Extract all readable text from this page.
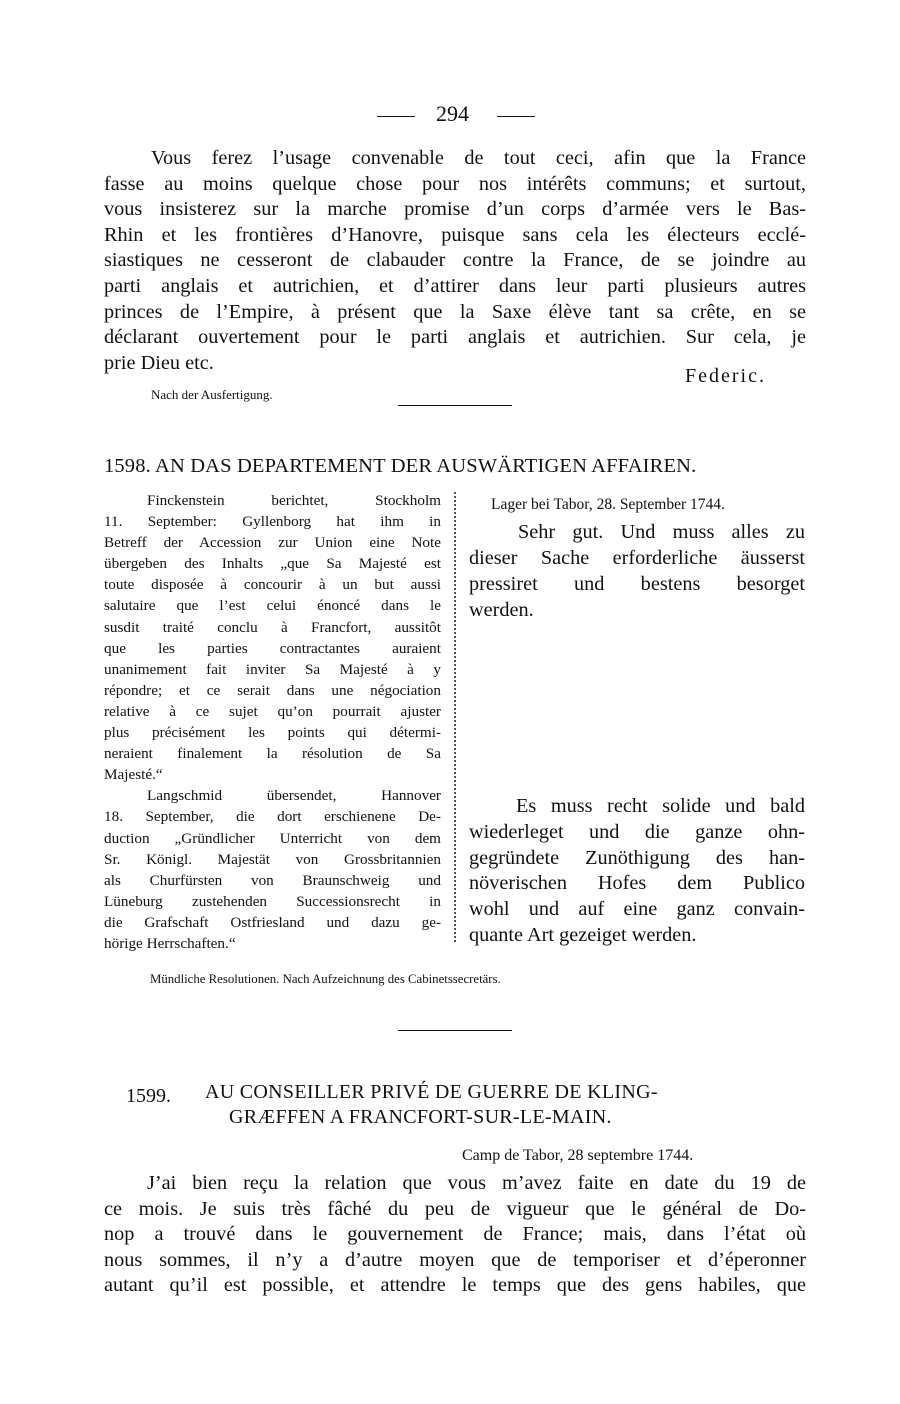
294
Vous ferez l’usage convenable de tout ceci, afin que la France
fasse au moins quelque chose pour nos intérêts communs; et surtout,
vous insisterez sur la marche promise d’un corps d’armée vers le Bas-
Rhin et les frontières d’Hanovre, puisque sans cela les électeurs ecclé-
siastiques ne cesseront de clabauder contre la France, de se joindre au
parti anglais et autrichien, et d’attirer dans leur parti plusieurs autres
princes de l’Empire, à présent que la Saxe élève tant sa crête, en se
déclarant ouvertement pour le parti anglais et autrichien. Sur cela, je
prie Dieu etc.
Federic.
Nach der Ausfertigung.
1598. AN DAS DEPARTEMENT DER AUSWÄRTIGEN AFFAIREN.
Finckenstein berichtet, Stockholm
11. September: Gyllenborg hat ihm in
Betreff der Accession zur Union eine Note
übergeben des Inhalts „que Sa Majesté est
toute disposée à concourir à un but aussi
salutaire que l’est celui énoncé dans le
susdit traité conclu à Francfort, aussitôt
que les parties contractantes auraient
unanimement fait inviter Sa Majesté à y
répondre; et ce serait dans une négociation
relative à ce sujet qu’on pourrait ajuster
plus précisément les points qui détermi-
neraient finalement la résolution de Sa
Majesté.“
Langschmid übersendet, Hannover
18. September, die dort erschienene De-
duction „Gründlicher Unterricht von dem
Sr. Königl. Majestät von Grossbritannien
als Churfürsten von Braunschweig und
Lüneburg zustehenden Successionsrecht in
die Grafschaft Ostfriesland und dazu ge-
hörige Herrschaften.“
Lager bei Tabor, 28. September 1744.
Sehr gut. Und muss alles zu
dieser Sache erforderliche äusserst
pressiret und bestens besorget
werden.
Es muss recht solide und bald
wiederleget und die ganze ohn-
gegründete Zunöthigung des han-
növerischen Hofes dem Publico
wohl und auf eine ganz convain-
quante Art gezeiget werden.
Mündliche Resolutionen. Nach Aufzeichnung des Cabinetssecretärs.
1599. AU CONSEILLER PRIVÉ DE GUERRE DE KLING-
GRÆFFEN A FRANCFORT-SUR-LE-MAIN.
Camp de Tabor, 28 septembre 1744.
J’ai bien reçu la relation que vous m’avez faite en date du 19 de
ce mois. Je suis très fâché du peu de vigueur que le général de Do-
nop a trouvé dans le gouvernement de France; mais, dans l’état où
nous sommes, il n’y a d’autre moyen que de temporiser et d’éperonner
autant qu’il est possible, et attendre le temps que des gens habiles, que
